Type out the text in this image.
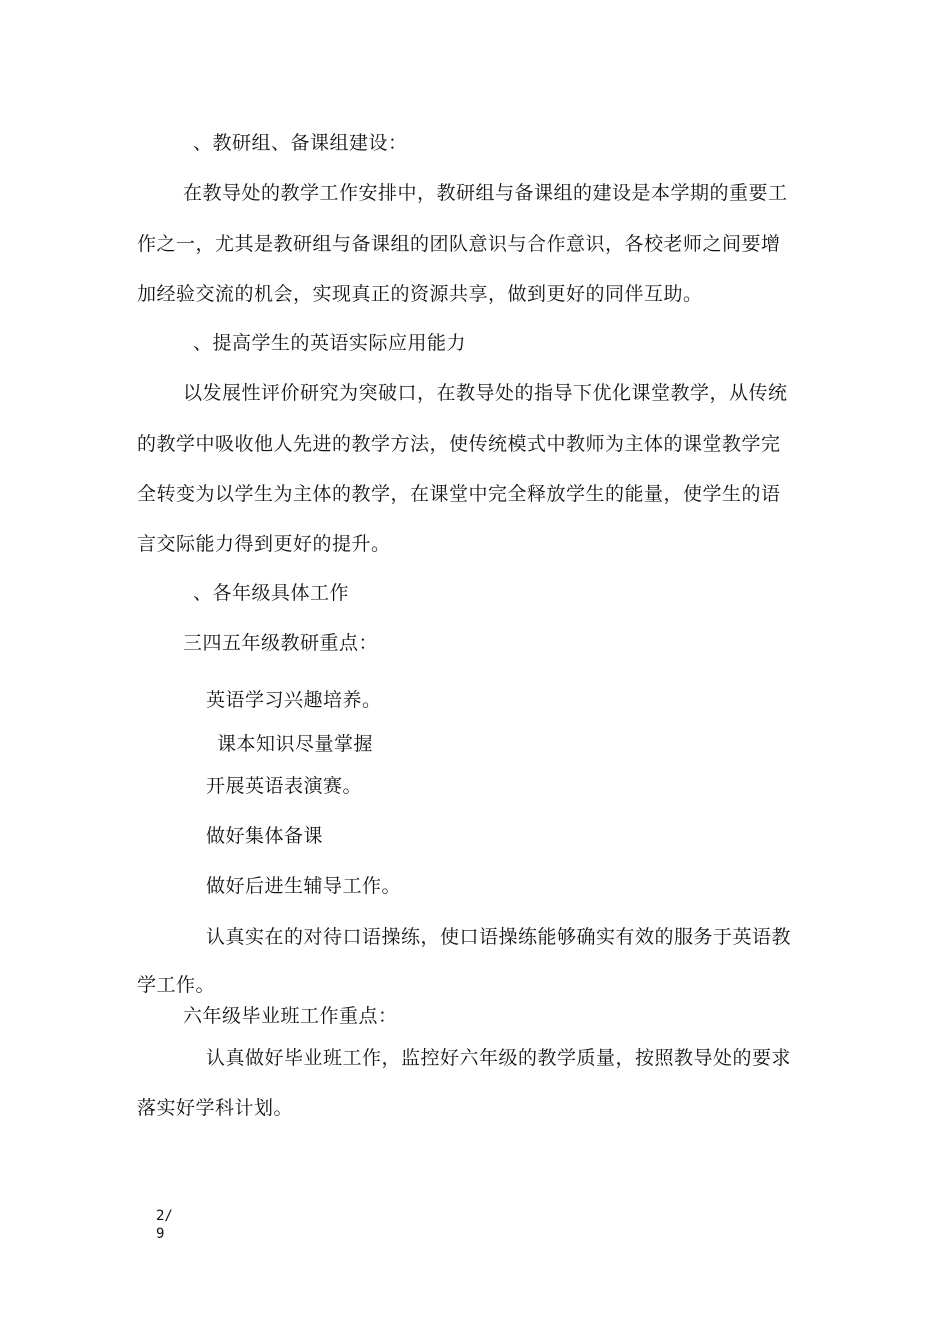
、教研组、备课组建设：
在教导处的教学工作安排中，教研组与备课组的建设是本学期的重要工
作之一，尤其是教研组与备课组的团队意识与合作意识，各校老师之间要增
加经验交流的机会，实现真正的资源共享，做到更好的同伴互助。
、提高学生的英语实际应用能力
以发展性评价研究为突破口，在教导处的指导下优化课堂教学，从传统
的教学中吸收他人先进的教学方法，使传统模式中教师为主体的课堂教学完
全转变为以学生为主体的教学，在课堂中完全释放学生的能量，使学生的语
言交际能力得到更好的提升。
、各年级具体工作
三四五年级教研重点：
英语学习兴趣培养。
课本知识尽量掌握
开展英语表演赛。
做好集体备课
做好后进生辅导工作。
认真实在的对待口语操练，使口语操练能够确实有效的服务于英语教
学工作。
六年级毕业班工作重点：
认真做好毕业班工作，监控好六年级的教学质量，按照教导处的要求
落实好学科计划。
2/
9
